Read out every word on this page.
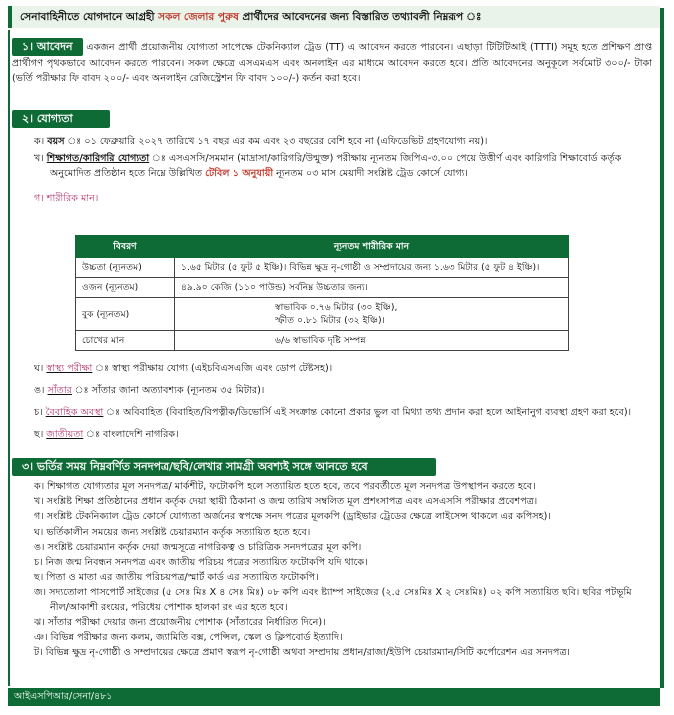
সেনাবাহিনীতে যোগদানে আগ্রহী সকল জেলার পুরুষ প্রার্থীদের আবেদনের জন্য বিস্তারিত তথ্যাবলী নিম্নরূপ ঃ

১। আবেদন একজন প্রার্থী প্রয়োজনীয় যোগ্যতা সাপেক্ষে টেকনিক্যাল ট্রেড (TT) এ আবেদন করতে পারবেন। এছাড়া টিটিটিআই (TTTI) সমূহ হতে প্রশিক্ষণ প্রাপ্ত প্রার্থীগণ পৃথকভাবে আবেদন করতে পারবেন। সকল ক্ষেত্রে এসএমএস এবং অনলাইন এর মাধ্যমে আবেদন করতে হবে। প্রতি আবেদনের অনুকূলে সর্বমোট ৩০০/- টাকা (ভর্তি পরীক্ষার ফি বাবদ ২০০/- এবং অনলাইন রেজিস্ট্রেশন ফি বাবদ ১০০/-) কর্তন করা হবে।

২। যোগ্যতা

ক। বয়স ঃ ০১ ফেব্রুয়ারি ২০২৭ তারিখে ১৭ বছর এর কম এবং ২৩ বছরের বেশি হবে না (এফিডেভিট গ্রহণযোগ্য নয়)।

খ। শিক্ষাগত/কারিগরি যোগ্যতা ঃ এসএসসি/সমমান (মাদ্রাসা/কারিগরি/উন্মুক্ত) পরীক্ষায় ন্যূনতম জিপিএ-৩.০০ পেয়ে উত্তীর্ণ এবং কারিগরি শিক্ষাবোর্ড কর্তৃক অনুমোদিত প্রতিষ্ঠান হতে নিম্নে উল্লিখিত টেবিল ১ অনুযায়ী ন্যূনতম ০৩ মাস মেয়াদী সংশ্লিষ্ট ট্রেড কোর্সে যোগ্য।

গ। শারীরিক মান।

বিবরণ	ন্যূনতম শারীরিক মান
উচ্চতা (ন্যূনতম)	১.৬৫ মিটার (৫ ফুট ৫ ইঞ্চি)। বিভিন্ন ক্ষুদ্র নৃ-গোষ্ঠী ও সম্প্রদায়ের জন্য ১.৬৩ মিটার (৫ ফুট ৪ ইঞ্চি)।
ওজন (ন্যূনতম)	৪৯.৯০ কেজি (১১০ পাউন্ড) সর্বনিম্ন উচ্চতার জন্য।
বুক (ন্যূনতম)	স্বাভাবিক ০.৭৬ মিটার (৩০ ইঞ্চি),
স্ফীত ০.৮১ মিটার (৩২ ইঞ্চি)।
চোখের মান	৬/৬ স্বাভাবিক দৃষ্টি সম্পন্ন

ঘ। স্বাস্থ্য পরীক্ষা ঃ স্বাস্থ্য পরীক্ষায় যোগ্য (এইচবিএসএজি এবং ডোপ টেষ্টসহ)।

ঙ। সাঁতার ঃ সাঁতার জানা অত্যাবশ্যক (ন্যূনতম ৩৫ মিটার)।

চ। বৈবাহিক অবস্থা ঃ অবিবাহিত (বিবাহিত/বিপত্নীক/ডিভোর্সি এই সংক্রান্ত কোনো প্রকার ভুল বা মিথ্যা তথ্য প্রদান করা হলে আইনানুগ ব্যবস্থা গ্রহণ করা হবে)।

ছ। জাতীয়তা ঃ বাংলাদেশি নাগরিক।

৩। ভর্তির সময় নিম্নবর্ণিত সনদপত্র/ছবি/লেখার সামগ্রী অবশ্যই সঙ্গে আনতে হবে

ক। শিক্ষাগত যোগ্যতার মূল সনদপত্র/ মার্কশীট, ফটোকপি হলে সত্যায়িত হতে হবে, তবে পরবর্তীতে মূল সনদপত্র উপস্থাপন করতে হবে।

খ। সংশ্লিষ্ট শিক্ষা প্রতিষ্ঠানের প্রধান কর্তৃক দেয়া স্থায়ী ঠিকানা ও জন্ম তারিখ সম্বলিত মূল প্রশংসাপত্র এবং এসএসসি পরীক্ষার প্রবেশপত্র।

গ। সংশ্লিষ্ট টেকনিক্যাল ট্রেড কোর্সে যোগ্যতা অর্জনের স্বপক্ষে সনদ পত্রের মূলকপি (ড্রাইভার ট্রেডের ক্ষেত্রে লাইসেন্স থাকলে এর কপিসহ)।

ঘ। ভর্তিকালীন সময়ের জন্য সংশ্লিষ্ট চেয়ারম্যান কর্তৃক সত্যায়িত হতে হবে।

ঙ। সংশ্লিষ্ট চেয়ারম্যান কর্তৃক দেয়া জন্মসূত্রে নাগরিকত্ব ও চারিত্রিক সনদপত্রের মূল কপি।

চ। নিজ জন্ম নিবন্ধন সনদপত্র এবং জাতীয় পরিচয় পত্রের সত্যায়িত ফটোকপি যদি থাকে।

ছ। পিতা ও মাতা এর জাতীয় পরিচয়পত্র/স্মার্ট কার্ড এর সত্যায়িত ফটোকপি।

জ। সদ্যতোলা পাসপোর্ট সাইজের (৫ সেঃ মিঃ X ৪ সেঃ মিঃ) ০৮ কপি এবং ষ্ট্যাম্প সাইজের (২.৫ সেঃমিঃ X ২ সেঃমিঃ) ০২ কপি সত্যায়িত ছবি। ছবির পটভূমি নীল/আকাশী রংয়ের, পরিধেয় পোশাক হালকা রং এর হতে হবে।

ঝ। সাঁতার পরীক্ষা দেয়ার জন্য প্রয়োজনীয় পোশাক (সাঁতারের নির্ধারিত দিনে)।

ঞ। বিভিন্ন পরীক্ষার জন্য কলম, জ্যামিতি বক্স, পেন্সিল, স্কেল ও ক্লিপবোর্ড ইত্যাদি।

ট। বিভিন্ন ক্ষুদ্র নৃ-গোষ্ঠী ও সম্প্রদায়ের ক্ষেত্রে প্রমাণ স্বরূপ নৃ-গোষ্ঠী অথবা সম্প্রদায় প্রধান/রাজা/ইউপি চেয়ারম্যান/সিটি কর্পোরেশন এর সনদপত্র।

আইএসপিআর/সেনা/৪৮১
